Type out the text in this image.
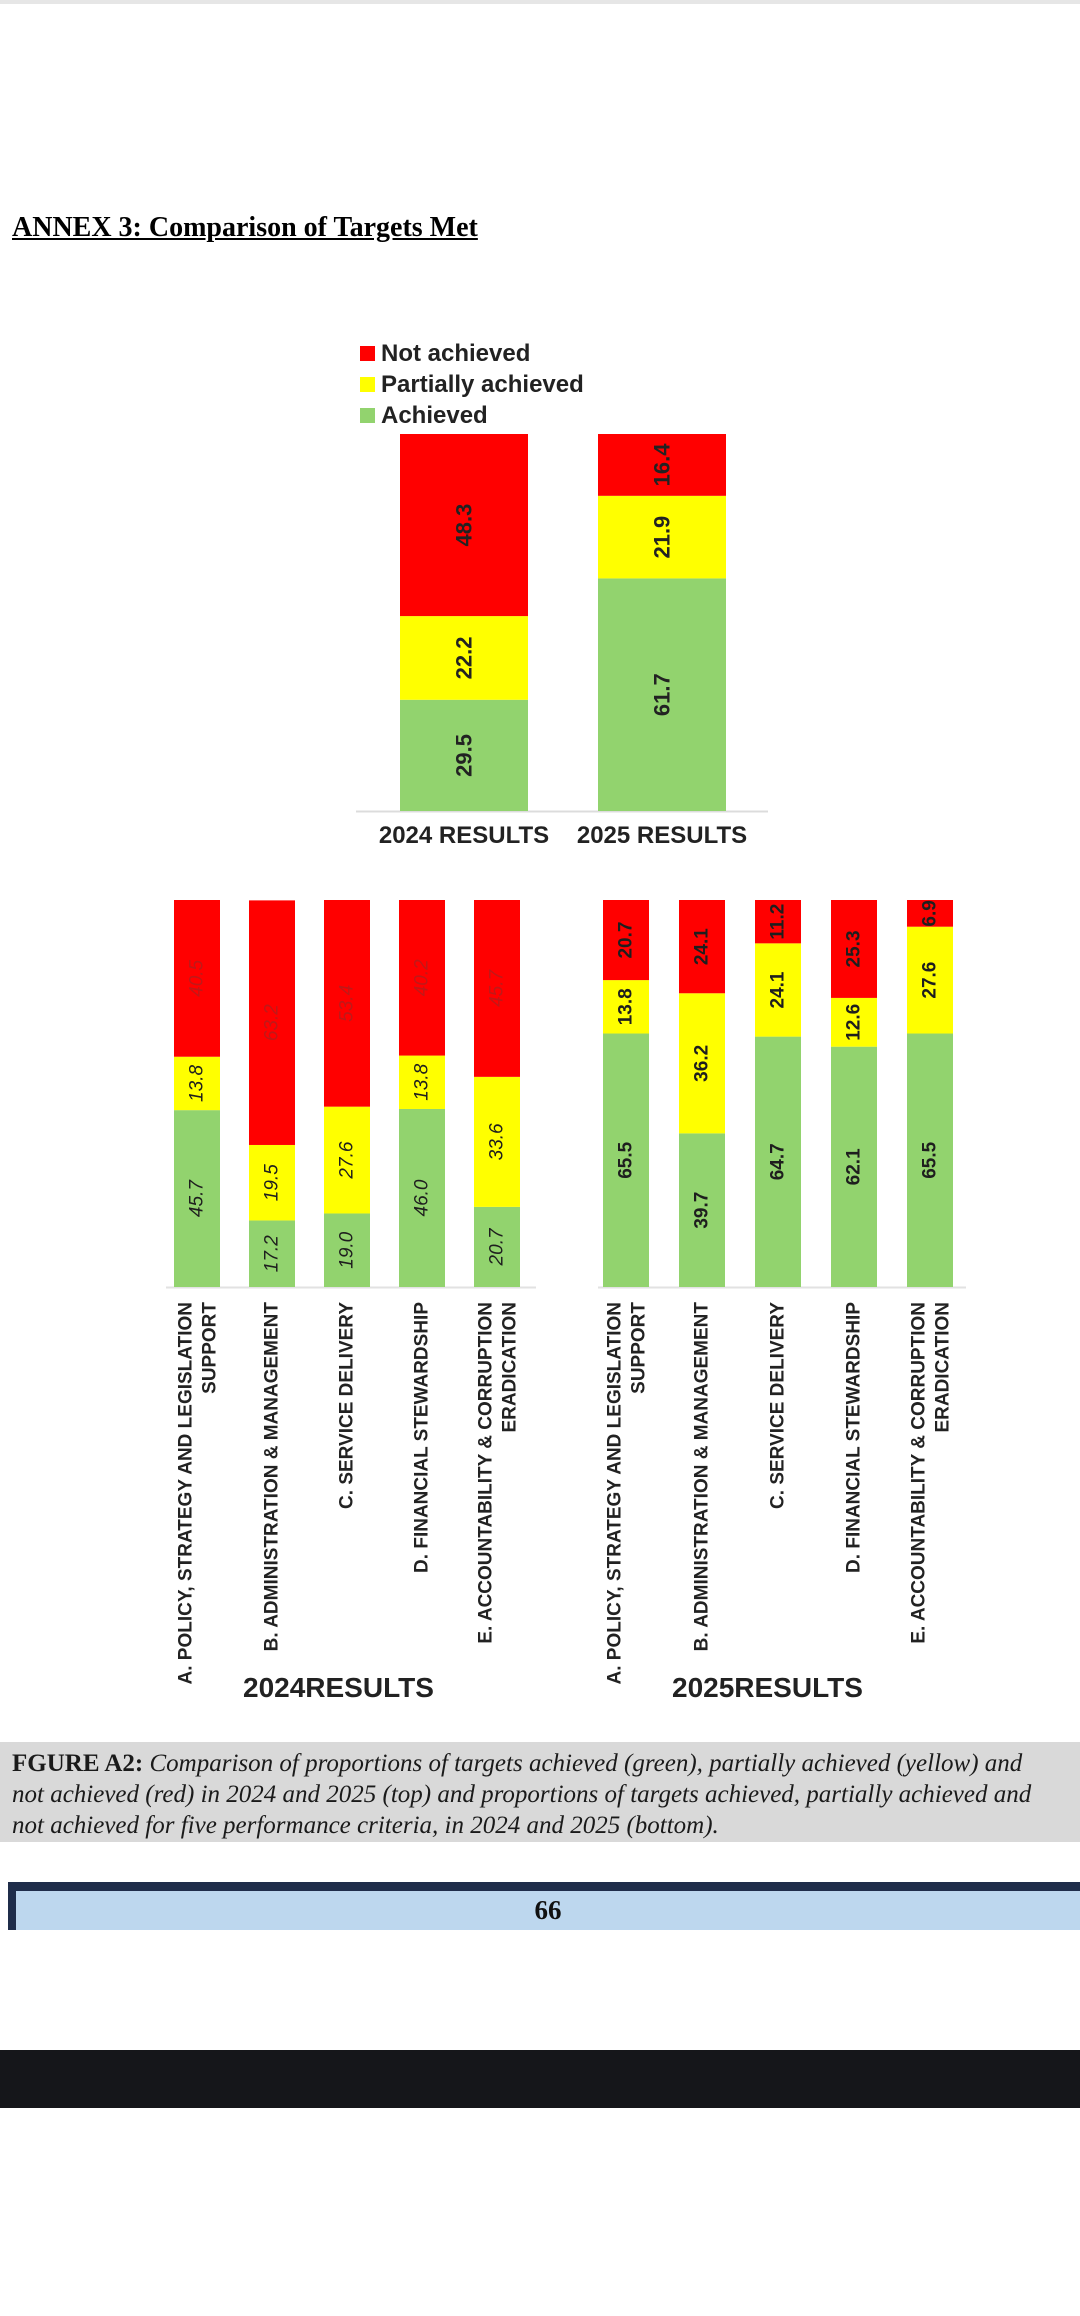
ANNEX 3: Comparison of Targets Met
Not achieved
Partially achieved
Achieved
29.5
22.2
48.3
2024 RESULTS
61.7
21.9
16.4
2025 RESULTS
45.7
13.8
40.5
A. POLICY, STRATEGY AND LEGISLATION SUPPORT
17.2
19.5
63.2
B. ADMINISTRATION & MANAGEMENT
19.0
27.6
53.4
C. SERVICE DELIVERY
46.0
13.8
40.2
D. FINANCIAL STEWARDSHIP
20.7
33.6
45.7
E. ACCOUNTABILITY & CORRUPTION ERADICATION
2024RESULTS
65.5
13.8
20.7
A. POLICY, STRATEGY AND LEGISLATION SUPPORT
39.7
36.2
24.1
B. ADMINISTRATION & MANAGEMENT
64.7
24.1
11.2
C. SERVICE DELIVERY
62.1
12.6
25.3
D. FINANCIAL STEWARDSHIP
65.5
27.6
6.9
E. ACCOUNTABILITY & CORRUPTION ERADICATION
2025RESULTS
FGURE A2: Comparison of proportions of targets achieved (green), partially achieved (yellow) and
not achieved (red) in 2024 and 2025 (top) and proportions of targets achieved, partially achieved and
not achieved for five performance criteria, in 2024 and 2025 (bottom).
66
